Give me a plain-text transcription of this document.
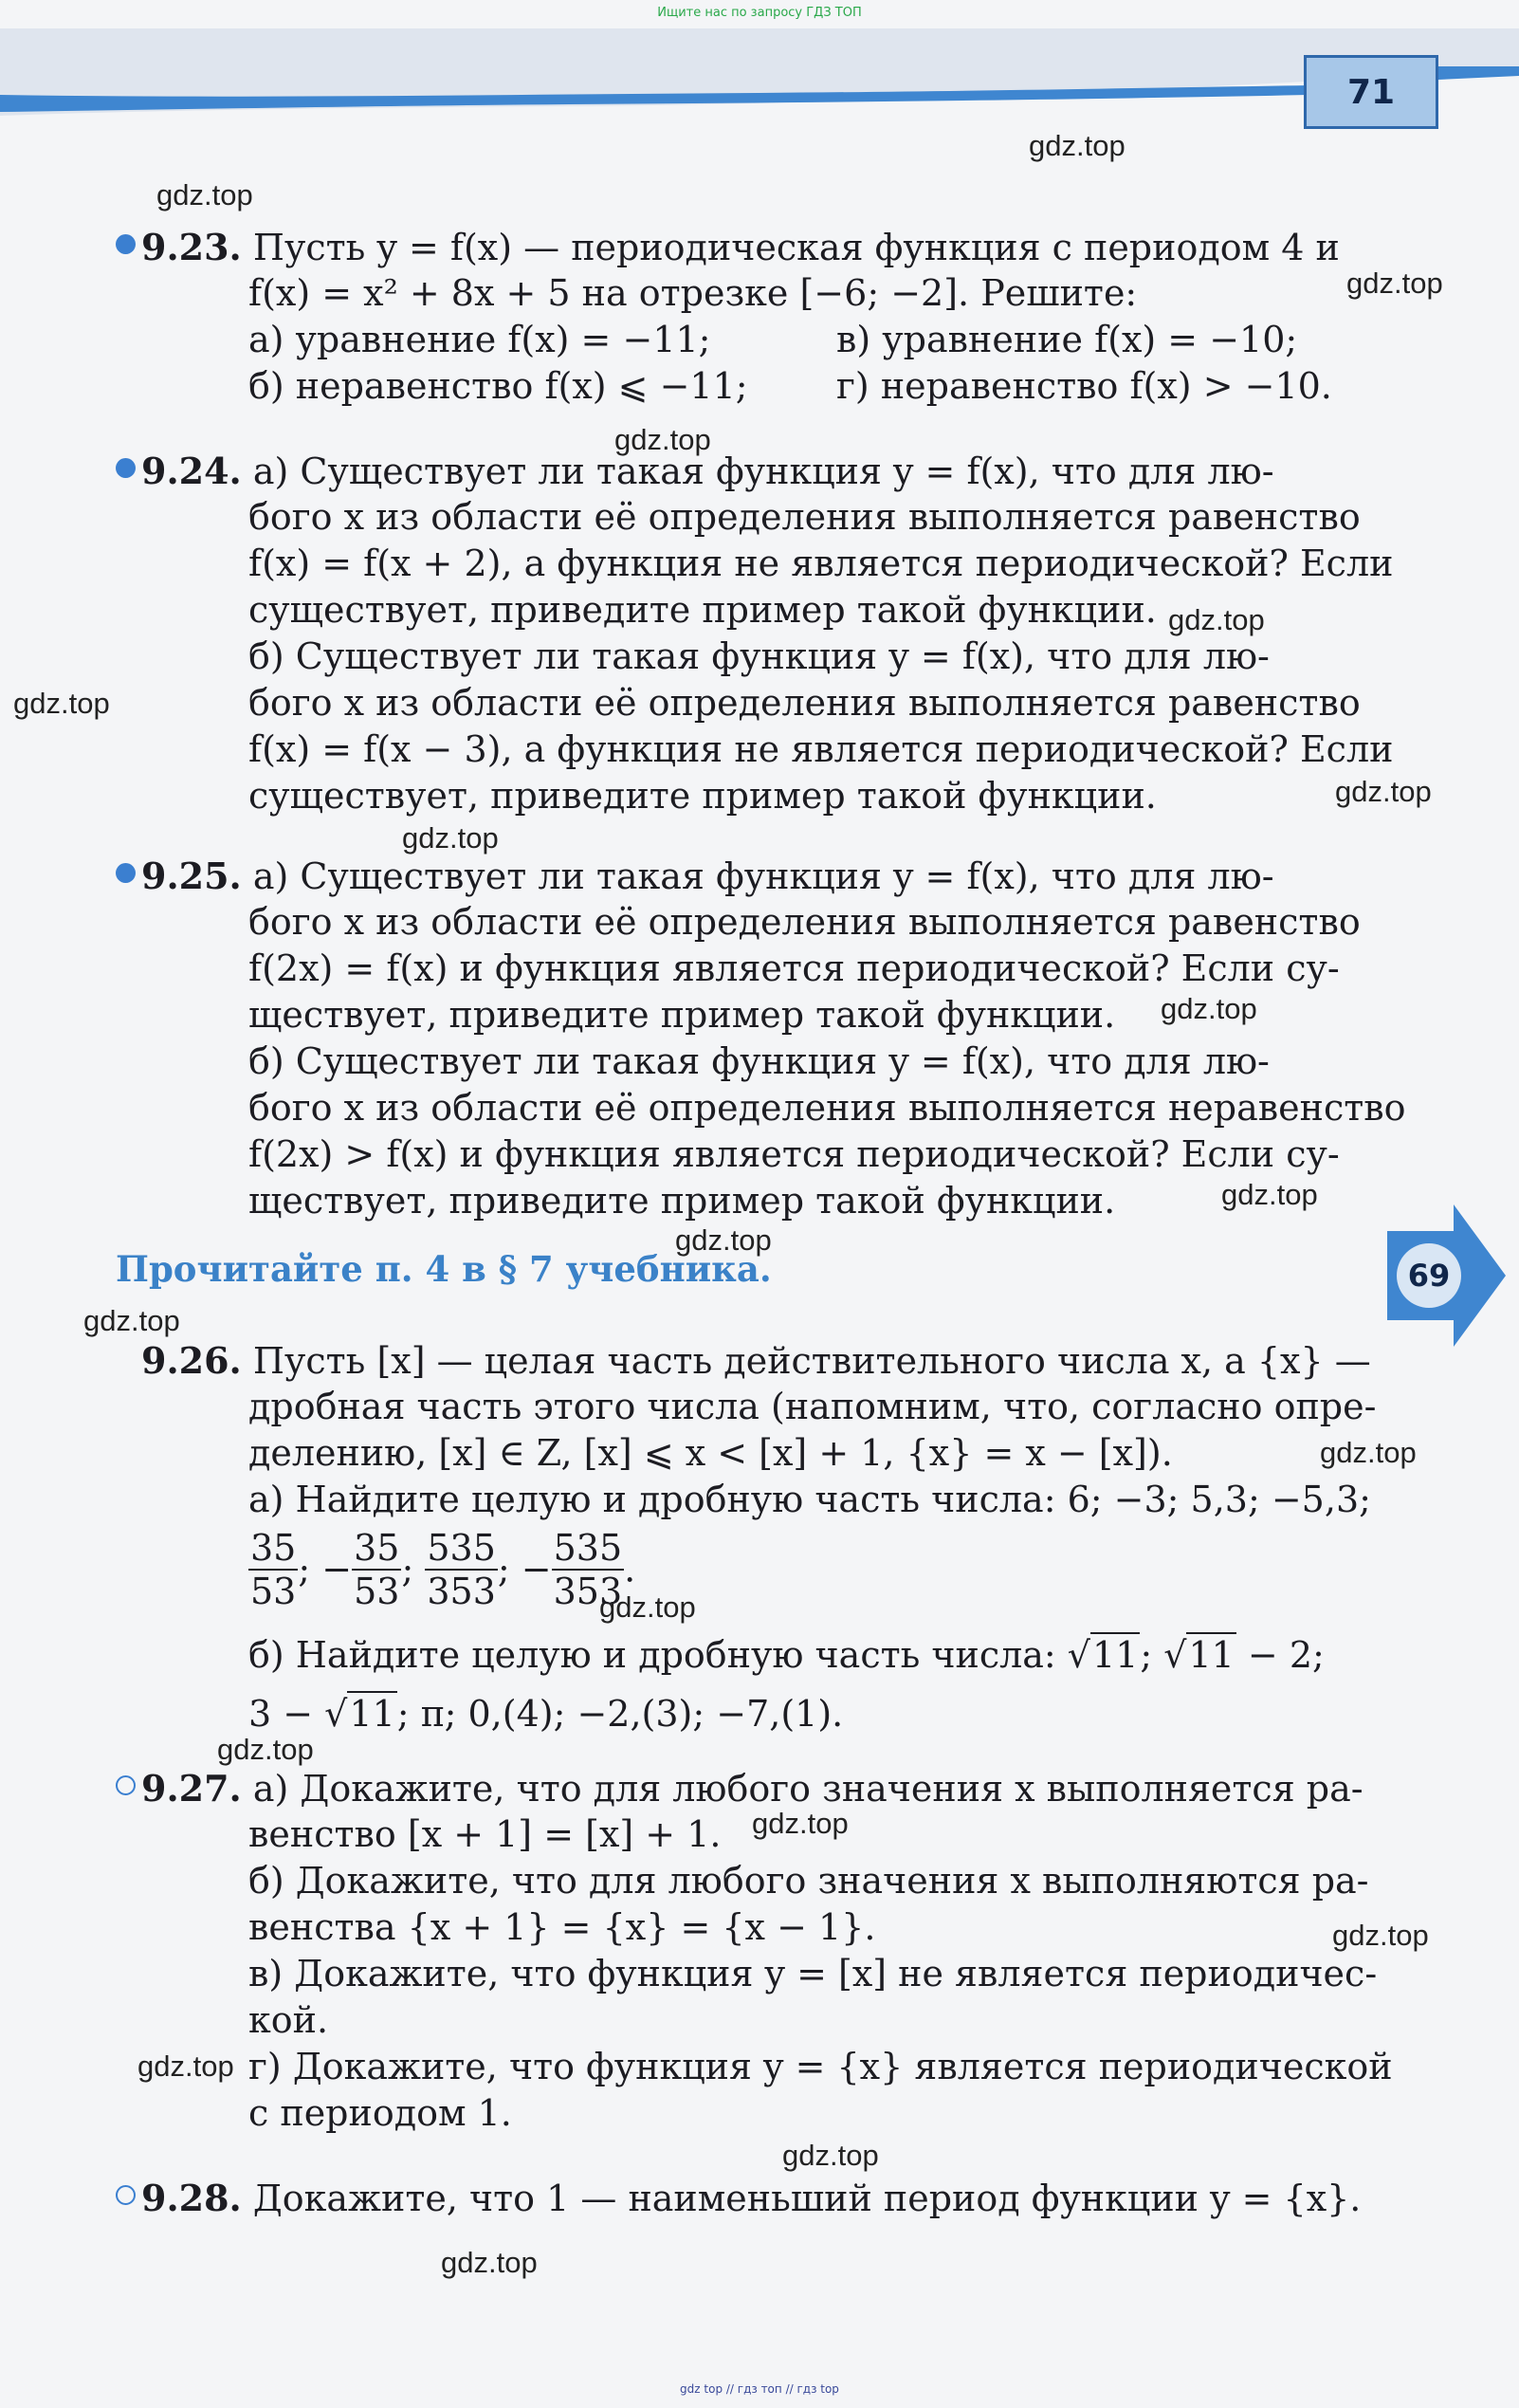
Ищите нас по запросу ГДЗ ТОП
71
gdz.top
gdz.top
gdz.top
gdz.top
gdz.top
gdz.top
gdz.top
gdz.top
gdz.top
gdz.top
gdz.top
gdz.top
gdz.top
gdz.top
gdz.top
gdz.top
gdz.top
gdz.top
gdz.top
gdz.top
9.23. Пусть y = f(x) — периодическая функция с периодом 4 и
f(x) = x² + 8x + 5 на отрезке [−6; −2]. Решите:
а) уравнение f(x) = −11;	в) уравнение f(x) = −10;
б) неравенство f(x) ⩽ −11; г) неравенство f(x) > −10.
9.24. а) Существует ли такая функция y = f(x), что для лю-
бого x из области её определения выполняется равенство
f(x) = f(x + 2), а функция не является периодической? Если
существует, приведите пример такой функции.
б) Существует ли такая функция y = f(x), что для лю-
бого x из области её определения выполняется равенство
f(x) = f(x − 3), а функция не является периодической? Если
существует, приведите пример такой функции.
9.25. а) Существует ли такая функция y = f(x), что для лю-
бого x из области её определения выполняется равенство
f(2x) = f(x) и функция является периодической? Если су-
ществует, приведите пример такой функции.
б) Существует ли такая функция y = f(x), что для лю-
бого x из области её определения выполняется неравенство
f(2x) > f(x) и функция является периодической? Если су-
ществует, приведите пример такой функции.
Прочитайте п. 4 в § 7 учебника.	69
9.26. Пусть [x] — целая часть действительного числа x, а {x} —
дробная часть этого числа (напомним, что, согласно опре-
делению, [x] ∈ Z, [x] ⩽ x < [x] + 1, {x} = x − [x]).
а) Найдите целую и дробную часть числа: 6; −3; 5,3; −5,3;
$\frac{35}{53}$ ; − $\frac{35}{53}$ ; $\frac{535}{353}$ ; − $\frac{535}{353}$ .
б) Найдите целую и дробную часть числа: √11; √11 − 2;
3 − √11; π; 0,(4); −2,(3); −7,(1).
9.27. а) Докажите, что для любого значения x выполняется ра-
венство [x + 1] = [x] + 1.
б) Докажите, что для любого значения x выполняются ра-
венства {x + 1} = {x} = {x − 1}.
в) Докажите, что функция y = [x] не является периодичес-
кой.
г) Докажите, что функция y = {x} является периодической
с периодом 1.
9.28. Докажите, что 1 — наименьший период функции y = {x}.
gdz top // гдз топ // гдз top
